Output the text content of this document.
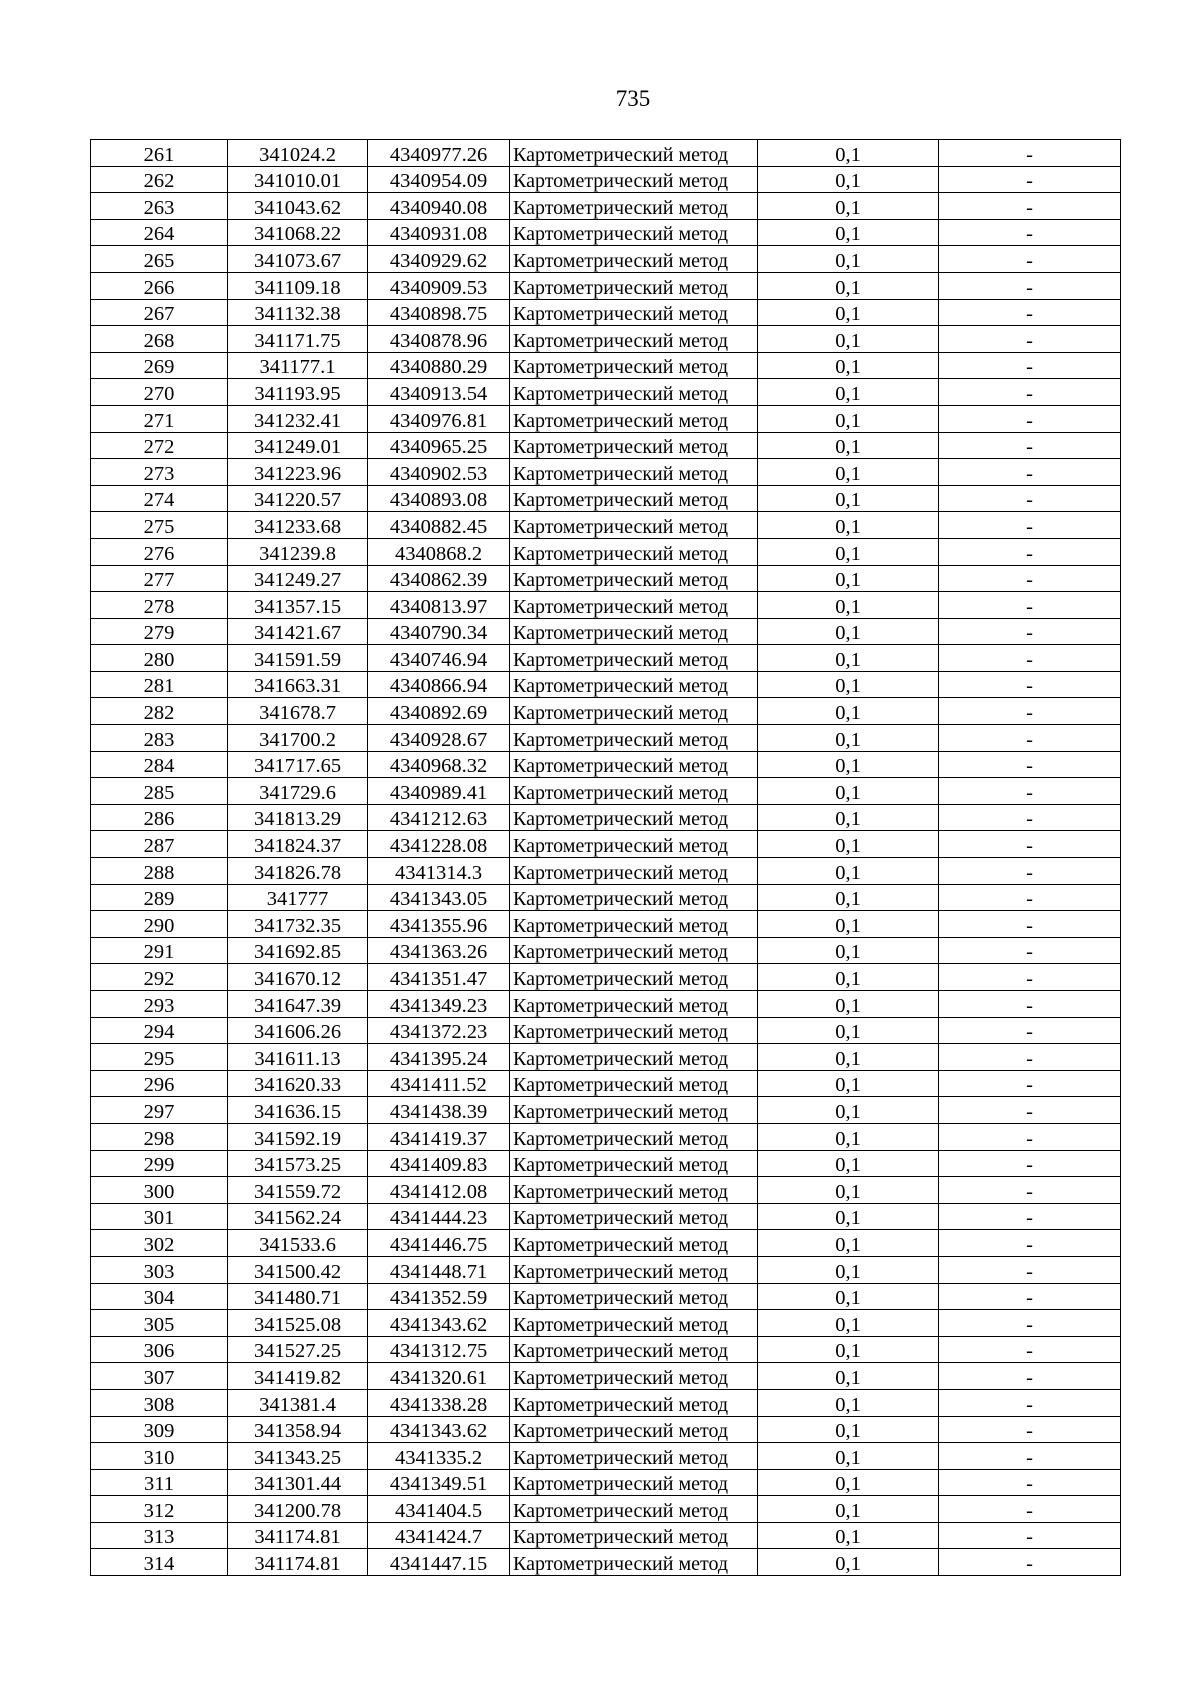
735
261	341024.2	4340977.26	Картометрический метод	0,1	-
262	341010.01	4340954.09	Картометрический метод	0,1	-
263	341043.62	4340940.08	Картометрический метод	0,1	-
264	341068.22	4340931.08	Картометрический метод	0,1	-
265	341073.67	4340929.62	Картометрический метод	0,1	-
266	341109.18	4340909.53	Картометрический метод	0,1	-
267	341132.38	4340898.75	Картометрический метод	0,1	-
268	341171.75	4340878.96	Картометрический метод	0,1	-
269	341177.1	4340880.29	Картометрический метод	0,1	-
270	341193.95	4340913.54	Картометрический метод	0,1	-
271	341232.41	4340976.81	Картометрический метод	0,1	-
272	341249.01	4340965.25	Картометрический метод	0,1	-
273	341223.96	4340902.53	Картометрический метод	0,1	-
274	341220.57	4340893.08	Картометрический метод	0,1	-
275	341233.68	4340882.45	Картометрический метод	0,1	-
276	341239.8	4340868.2	Картометрический метод	0,1	-
277	341249.27	4340862.39	Картометрический метод	0,1	-
278	341357.15	4340813.97	Картометрический метод	0,1	-
279	341421.67	4340790.34	Картометрический метод	0,1	-
280	341591.59	4340746.94	Картометрический метод	0,1	-
281	341663.31	4340866.94	Картометрический метод	0,1	-
282	341678.7	4340892.69	Картометрический метод	0,1	-
283	341700.2	4340928.67	Картометрический метод	0,1	-
284	341717.65	4340968.32	Картометрический метод	0,1	-
285	341729.6	4340989.41	Картометрический метод	0,1	-
286	341813.29	4341212.63	Картометрический метод	0,1	-
287	341824.37	4341228.08	Картометрический метод	0,1	-
288	341826.78	4341314.3	Картометрический метод	0,1	-
289	341777	4341343.05	Картометрический метод	0,1	-
290	341732.35	4341355.96	Картометрический метод	0,1	-
291	341692.85	4341363.26	Картометрический метод	0,1	-
292	341670.12	4341351.47	Картометрический метод	0,1	-
293	341647.39	4341349.23	Картометрический метод	0,1	-
294	341606.26	4341372.23	Картометрический метод	0,1	-
295	341611.13	4341395.24	Картометрический метод	0,1	-
296	341620.33	4341411.52	Картометрический метод	0,1	-
297	341636.15	4341438.39	Картометрический метод	0,1	-
298	341592.19	4341419.37	Картометрический метод	0,1	-
299	341573.25	4341409.83	Картометрический метод	0,1	-
300	341559.72	4341412.08	Картометрический метод	0,1	-
301	341562.24	4341444.23	Картометрический метод	0,1	-
302	341533.6	4341446.75	Картометрический метод	0,1	-
303	341500.42	4341448.71	Картометрический метод	0,1	-
304	341480.71	4341352.59	Картометрический метод	0,1	-
305	341525.08	4341343.62	Картометрический метод	0,1	-
306	341527.25	4341312.75	Картометрический метод	0,1	-
307	341419.82	4341320.61	Картометрический метод	0,1	-
308	341381.4	4341338.28	Картометрический метод	0,1	-
309	341358.94	4341343.62	Картометрический метод	0,1	-
310	341343.25	4341335.2	Картометрический метод	0,1	-
311	341301.44	4341349.51	Картометрический метод	0,1	-
312	341200.78	4341404.5	Картометрический метод	0,1	-
313	341174.81	4341424.7	Картометрический метод	0,1	-
314	341174.81	4341447.15	Картометрический метод	0,1	-
